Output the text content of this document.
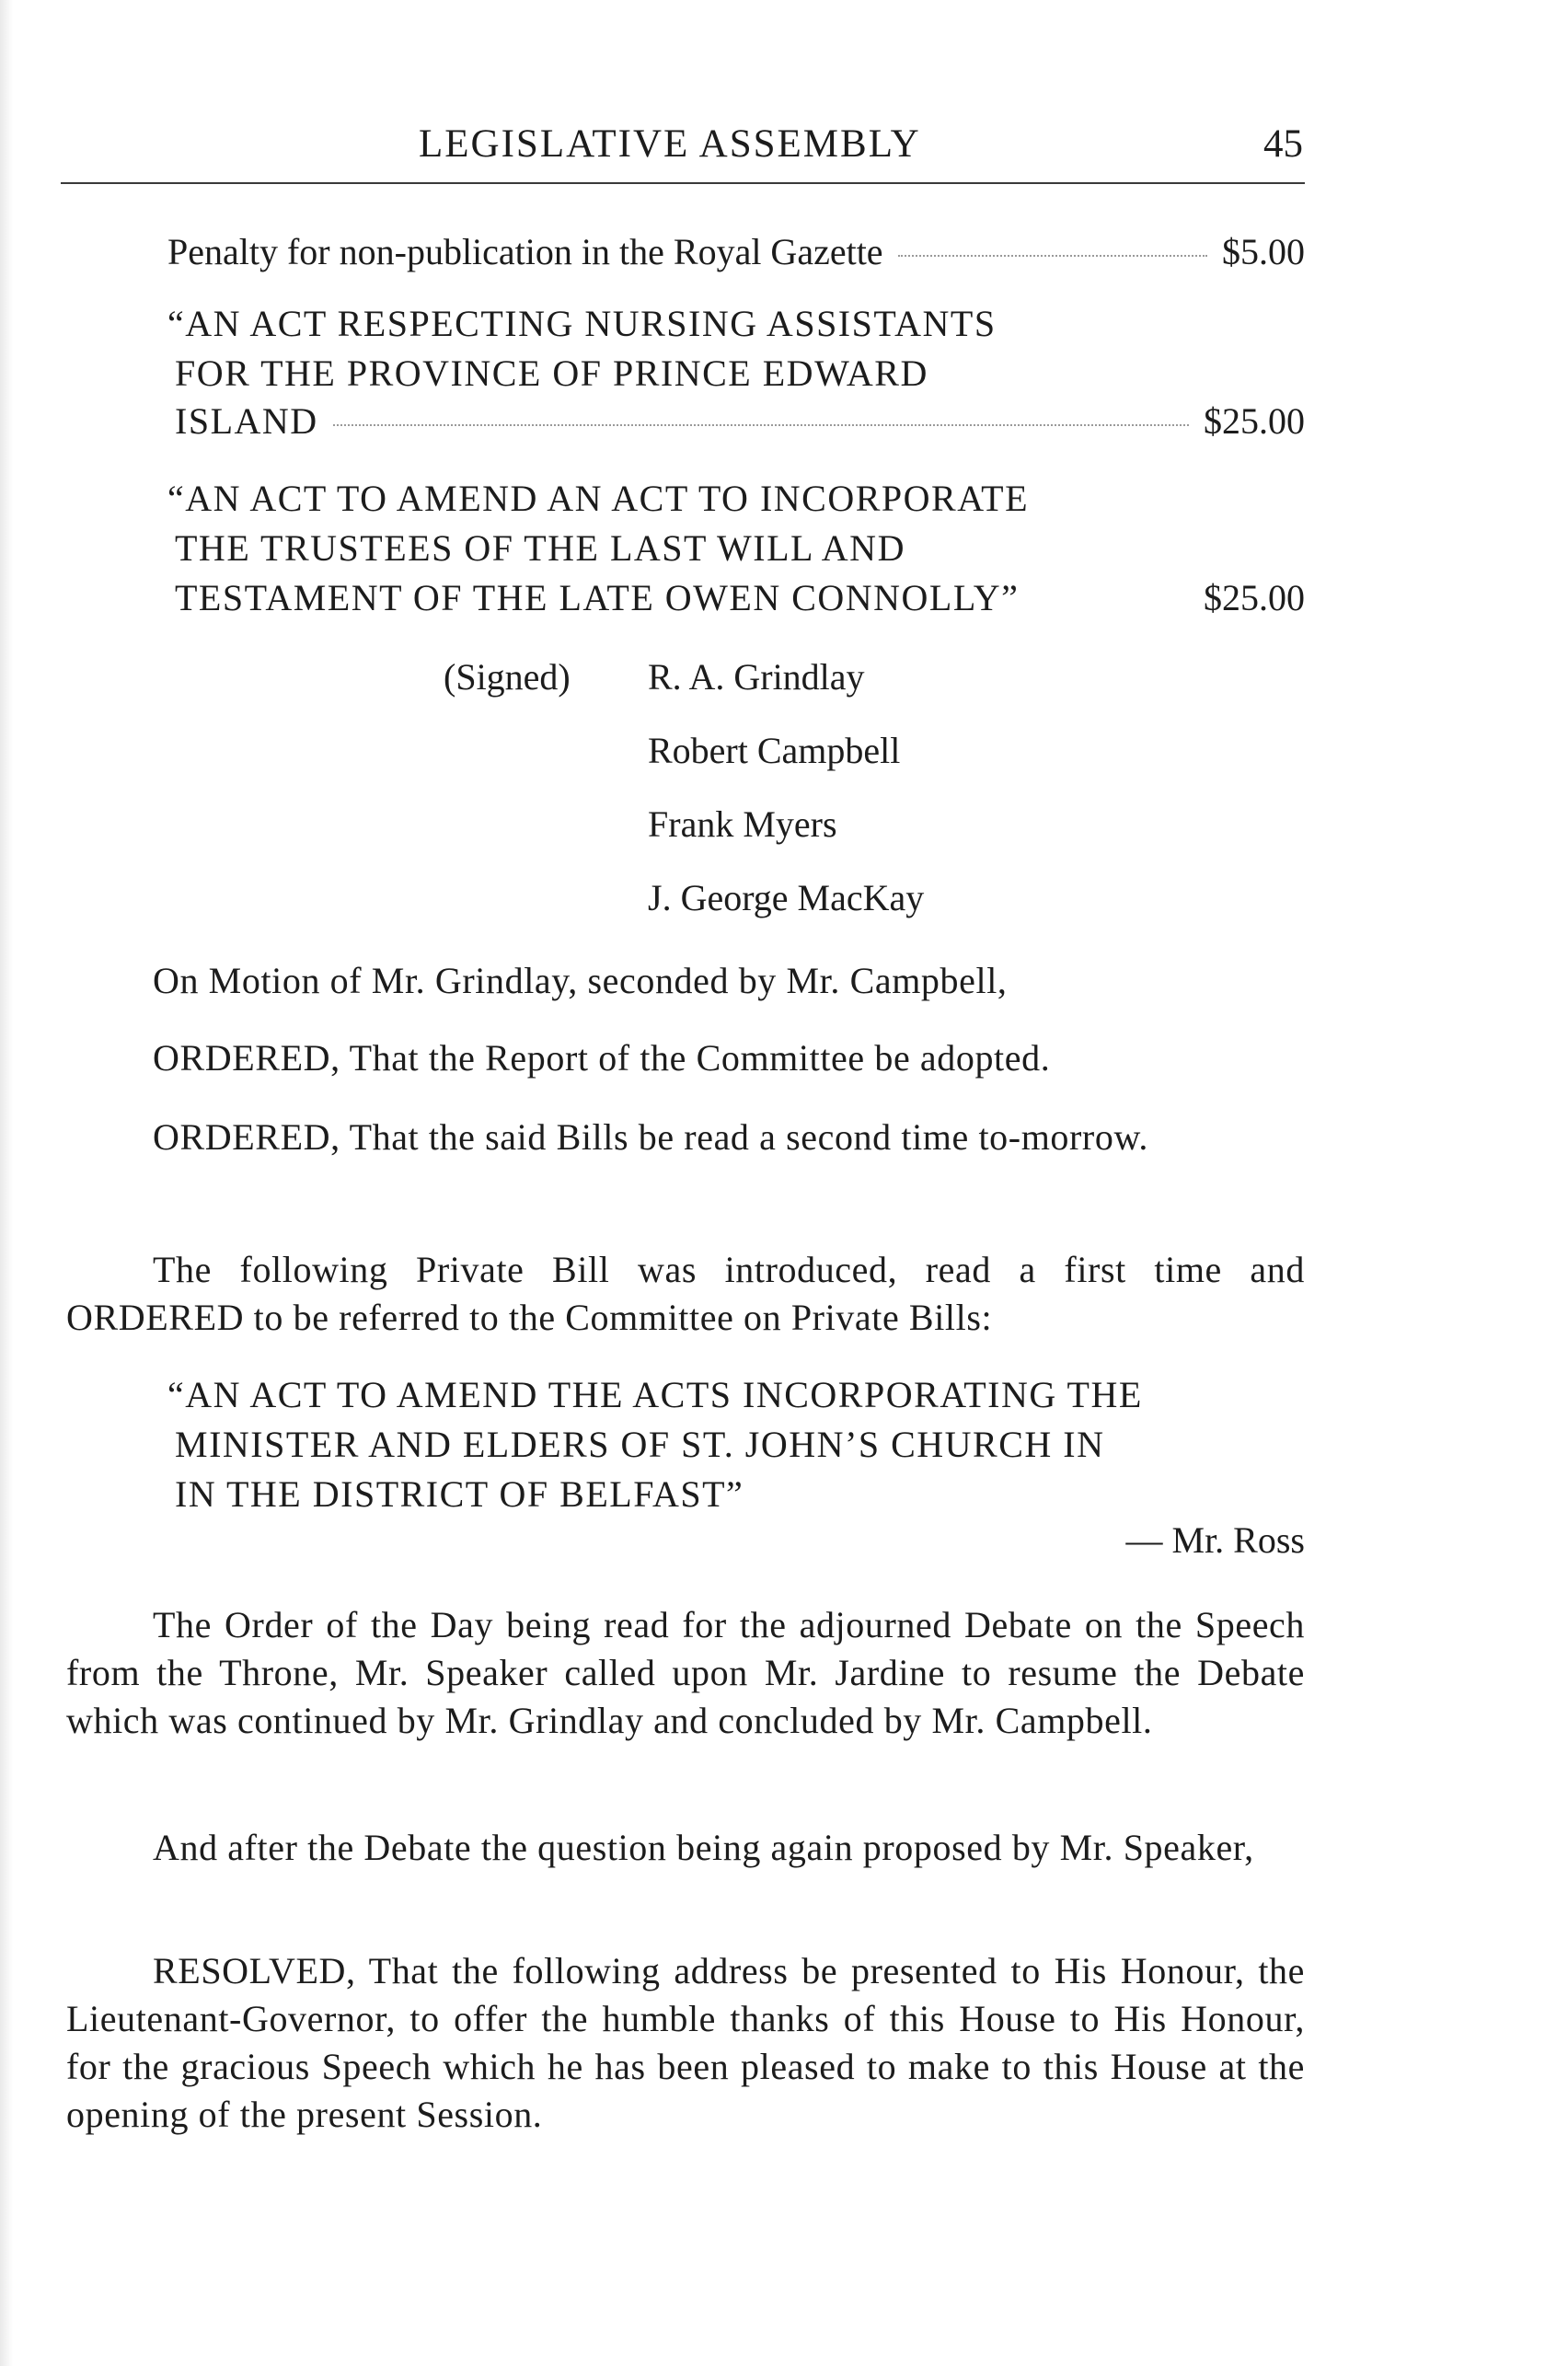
LEGISLATIVE ASSEMBLY	45
Penalty for non-publication in the Royal Gazette	$5.00
“AN ACT RESPECTING NURSING ASSISTANTS
FOR THE PROVINCE OF PRINCE EDWARD
ISLAND	$25.00
“AN ACT TO AMEND AN ACT TO INCORPORATE
THE TRUSTEES OF THE LAST WILL AND
TESTAMENT OF THE LATE OWEN CONNOLLY”	$25.00
(Signed) R. A. Grindlay
Robert Campbell
Frank Myers
J. George MacKay

On Motion of Mr. Grindlay, seconded by Mr. Campbell,

ORDERED, That the Report of the Committee be adopted.

ORDERED, That the said Bills be read a second time to-morrow.

The following Private Bill was introduced, read a first time and ORDERED to be referred to the Committee on Private Bills:

“AN ACT TO AMEND THE ACTS INCORPORATING THE
MINISTER AND ELDERS OF ST. JOHN’S CHURCH IN
IN THE DISTRICT OF BELFAST”
— Mr. Ross

The Order of the Day being read for the adjourned Debate on the Speech from the Throne, Mr. Speaker called upon Mr. Jardine to resume the Debate which was continued by Mr. Grindlay and concluded by Mr. Campbell.

And after the Debate the question being again proposed by Mr. Speaker,

RESOLVED, That the following address be presented to His Honour, the Lieutenant-Governor, to offer the humble thanks of this House to His Honour, for the gracious Speech which he has been pleased to make to this House at the opening of the present Session.
